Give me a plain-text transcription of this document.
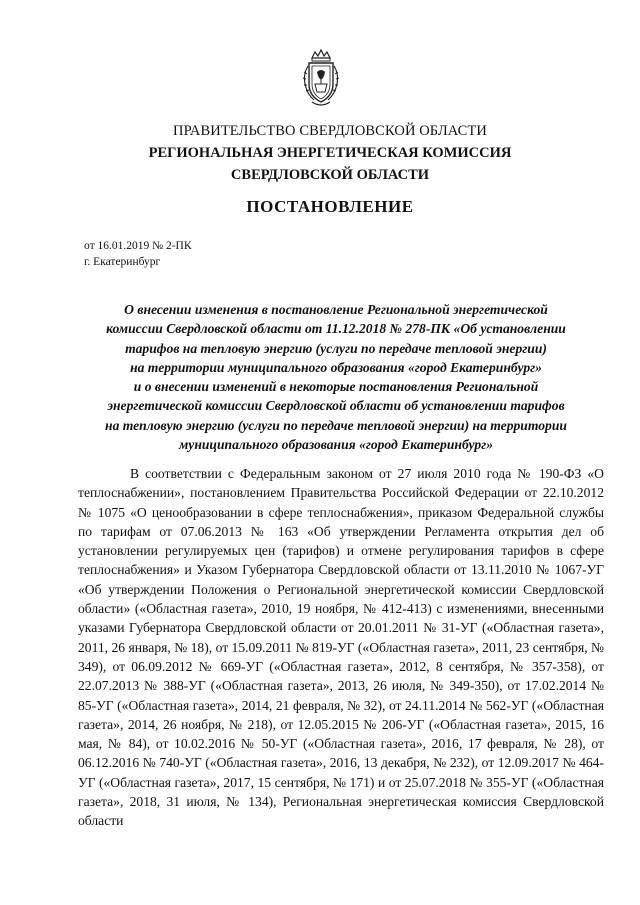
ПРАВИТЕЛЬСТВО СВЕРДЛОВСКОЙ ОБЛАСТИ
РЕГИОНАЛЬНАЯ ЭНЕРГЕТИЧЕСКАЯ КОМИССИЯ
СВЕРДЛОВСКОЙ ОБЛАСТИ
ПОСТАНОВЛЕНИЕ
от 16.01.2019 № 2-ПК
г. Екатеринбург
О внесении изменения в постановление Региональной энергетической
комиссии Свердловской области от 11.12.2018 № 278-ПК «Об установлении
тарифов на тепловую энергию (услуги по передаче тепловой энергии)
на территории муниципального образования «город Екатеринбург»
и о внесении изменений в некоторые постановления Региональной
энергетической комиссии Свердловской области об установлении тарифов
на тепловую энергию (услуги по передаче тепловой энергии) на территории
муниципального образования «город Екатеринбург»

В соответствии с Федеральным законом от 27 июля 2010 года № 190-ФЗ «О теплоснабжении», постановлением Правительства Российской Федерации от 22.10.2012 № 1075 «О ценообразовании в сфере теплоснабжения», приказом Федеральной службы по тарифам от 07.06.2013 № 163 «Об утверждении Регламента открытия дел об установлении регулируемых цен (тарифов) и отмене регулирования тарифов в сфере теплоснабжения» и Указом Губернатора Свердловской области от 13.11.2010 № 1067-УГ «Об утверждении Положения о Региональной энергетической комиссии Свердловской области» («Областная газета», 2010, 19 ноября, № 412-413) с изменениями, внесенными указами Губернатора Свердловской области от 20.01.2011 № 31-УГ («Областная газета», 2011, 26 января, № 18), от 15.09.2011 № 819-УГ («Областная газета», 2011, 23 сентября, № 349), от 06.09.2012 № 669-УГ («Областная газета», 2012, 8 сентября, № 357-358), от 22.07.2013 № 388-УГ («Областная газета», 2013, 26 июля, № 349-350), от 17.02.2014 № 85-УГ («Областная газета», 2014, 21 февраля, № 32), от 24.11.2014 № 562-УГ («Областная газета», 2014, 26 ноября, № 218), от 12.05.2015 № 206-УГ («Областная газета», 2015, 16 мая, № 84), от 10.02.2016 № 50-УГ («Областная газета», 2016, 17 февраля, № 28), от 06.12.2016 № 740-УГ («Областная газета», 2016, 13 декабря, № 232), от 12.09.2017 № 464-УГ («Областная газета», 2017, 15 сентября, № 171) и от 25.07.2018 № 355-УГ («Областная газета», 2018, 31 июля, № 134), Региональная энергетическая комиссия Свердловской области
